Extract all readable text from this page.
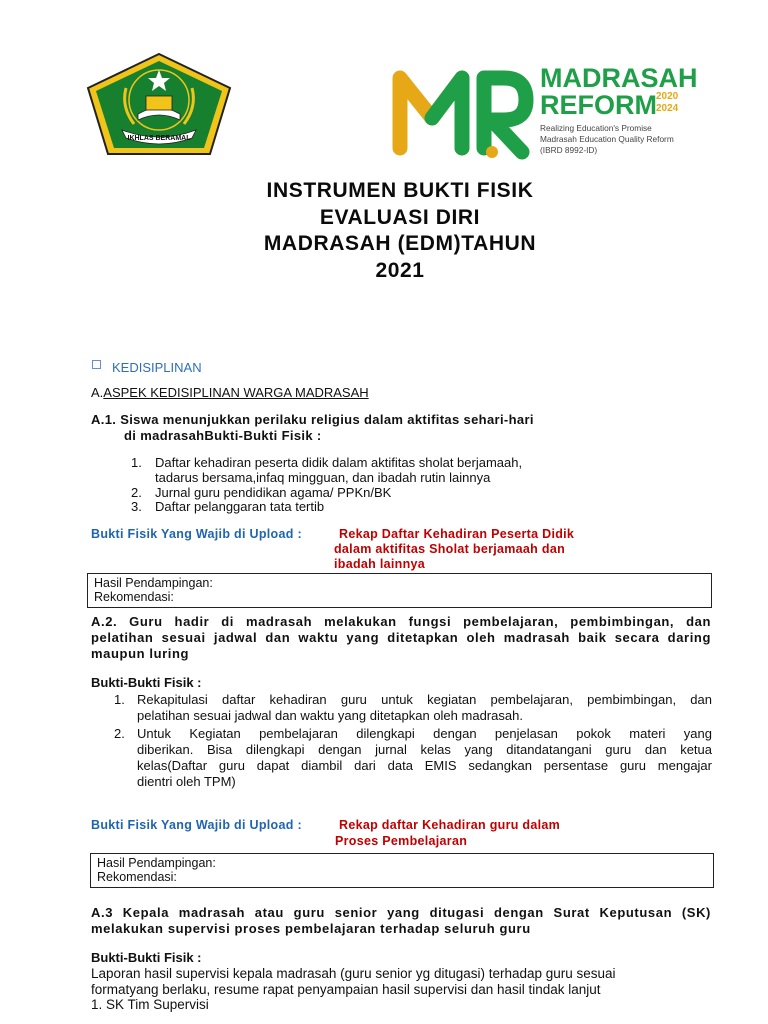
IKHLAS BERAMAL
MADRASAH
REFORM 2020
2024
Realizing Education's Promise
Madrasah Education Quality Reform
(IBRD 8992-ID)
INSTRUMEN BUKTI FISIK
EVALUASI DIRI
MADRASAH (EDM)TAHUN
2021
KEDISIPLINAN
A.ASPEK KEDISIPLINAN WARGA MADRASAH
A.1. Siswa menunjukkan perilaku religius dalam aktifitas sehari-hari
di madrasahBukti-Bukti Fisik :
1. Daftar kehadiran peserta didik dalam aktifitas sholat berjamaah,
tadarus bersama,infaq mingguan, dan ibadah rutin lainnya
2. Jurnal guru pendidikan agama/ PPKn/BK
3. Daftar pelanggaran tata tertib
Bukti Fisik Yang Wajib di Upload :	Rekap Daftar Kehadiran Peserta Didik
dalam aktifitas Sholat berjamaah dan
ibadah lainnya
Hasil Pendampingan:
Rekomendasi:
A.2. Guru hadir di madrasah melakukan fungsi pembelajaran, pembimbingan, dan
pelatihan sesuai jadwal dan waktu yang ditetapkan oleh madrasah baik secara daring
maupun luring
Bukti-Bukti Fisik :
1. Rekapitulasi daftar kehadiran guru untuk kegiatan pembelajaran, pembimbingan, dan
pelatihan sesuai jadwal dan waktu yang ditetapkan oleh madrasah.
2. Untuk Kegiatan pembelajaran dilengkapi dengan penjelasan pokok materi yang
diberikan. Bisa dilengkapi dengan jurnal kelas yang ditandatangani guru dan ketua
kelas(Daftar guru dapat diambil dari data EMIS sedangkan persentase guru mengajar
dientri oleh TPM)
Bukti Fisik Yang Wajib di Upload :	Rekap daftar Kehadiran guru dalam
Proses Pembelajaran
Hasil Pendampingan:
Rekomendasi:
A.3 Kepala madrasah atau guru senior yang ditugasi dengan Surat Keputusan (SK)
melakukan supervisi proses pembelajaran terhadap seluruh guru
Bukti-Bukti Fisik :
Laporan hasil supervisi kepala madrasah (guru senior yg ditugasi) terhadap guru sesuai
formatyang berlaku, resume rapat penyampaian hasil supervisi dan hasil tindak lanjut
1. SK Tim Supervisi
